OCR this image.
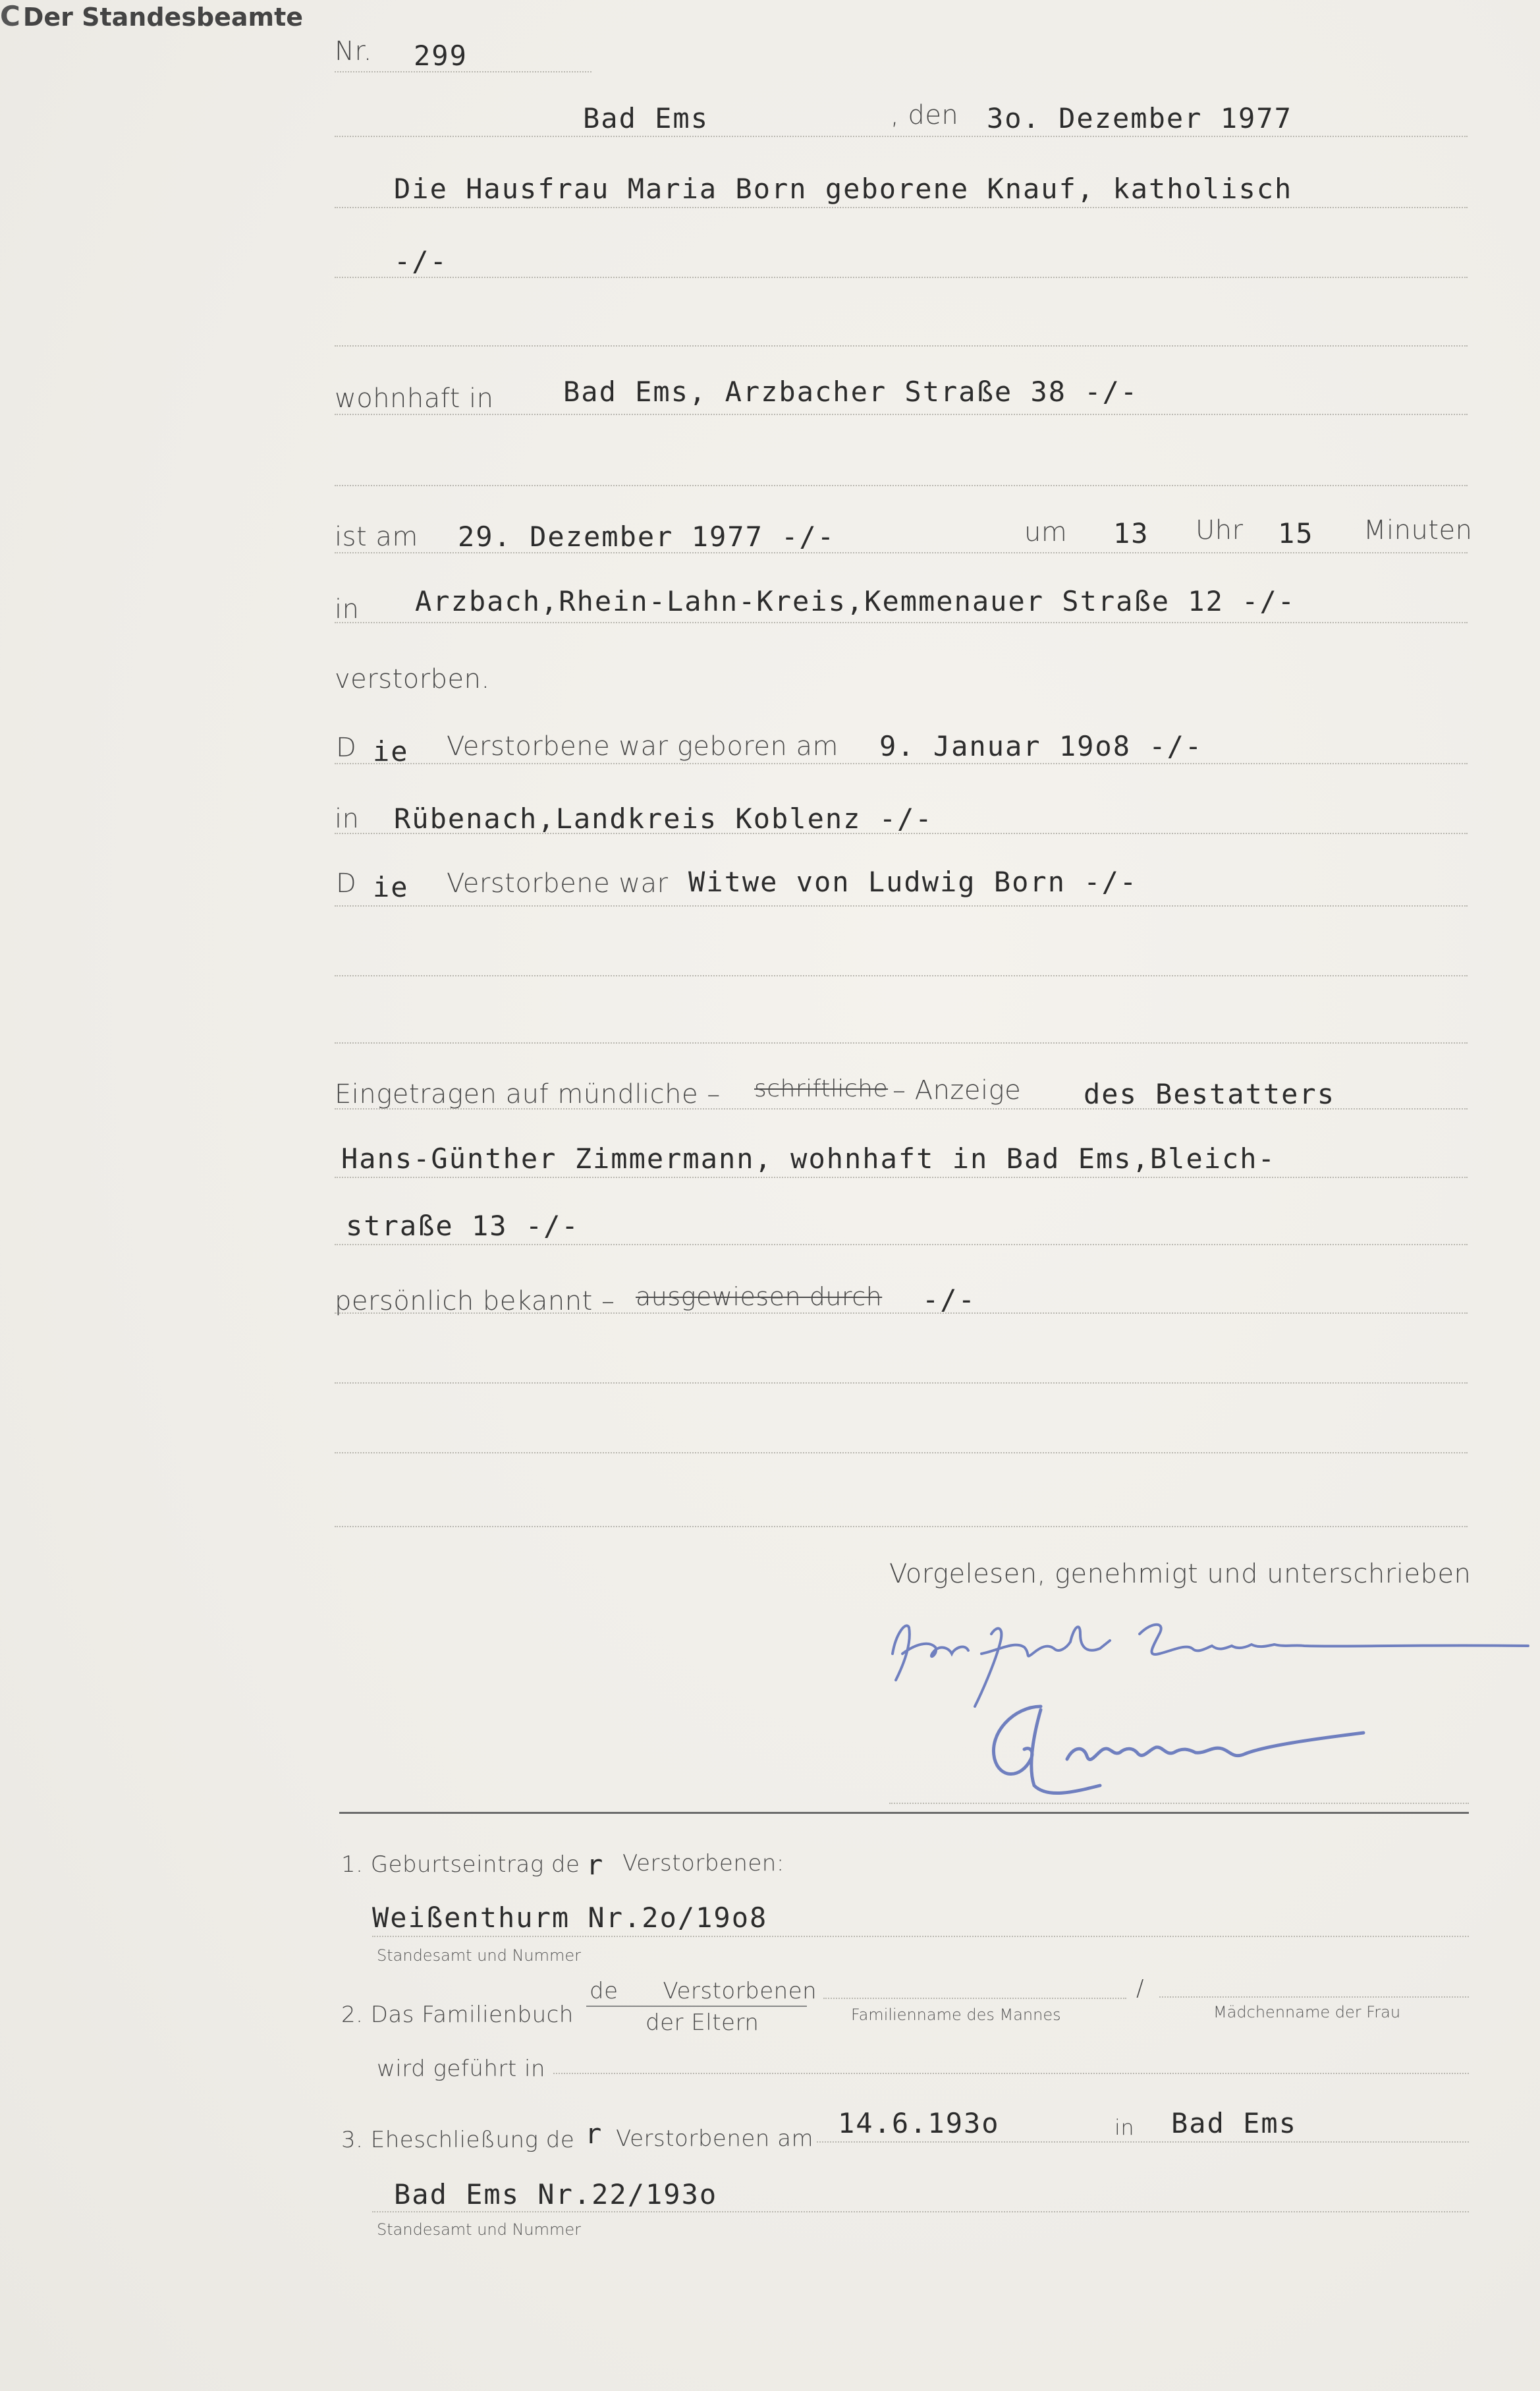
Nr. 299
C
Bad Ems	, den 3o. Dezember 1977
Die Hausfrau Maria Born geborene Knauf, katholisch
-/-
wohnhaft in	Bad Ems, Arzbacher Straße 38 -/-
ist am 29. Dezember 1977 -/-	um 13 Uhr 15 Minuten
in Arzbach,Rhein-Lahn-Kreis,Kemmenauer Straße 12 -/-
verstorben.
D ie Verstorbene war geboren am 9. Januar 19o8 -/-
in Rübenach,Landkreis Koblenz -/-
D ie Verstorbene war Witwe von Ludwig Born -/-
Eingetragen auf mündliche – schriftliche – Anzeige des Bestatters
Hans-Günther Zimmermann, wohnhaft in Bad Ems,Bleich-
straße 13 -/-
persönlich bekannt – ausgewiesen durch -/-
Vorgelesen, genehmigt und unterschrieben
Der Standesbeamte
1. Geburtseintrag de r Verstorbenen:
Weißenthurm Nr.2o/19o8
Standesamt und Nummer
2. Das Familienbuch
de      Verstorbenen
der Eltern	Familienname des Mannes
/
Mädchenname der Frau
wird geführt in
3. Eheschließung de r Verstorbenen am 14.6.193o	in Bad Ems
Bad Ems Nr.22/193o
Standesamt und Nummer
